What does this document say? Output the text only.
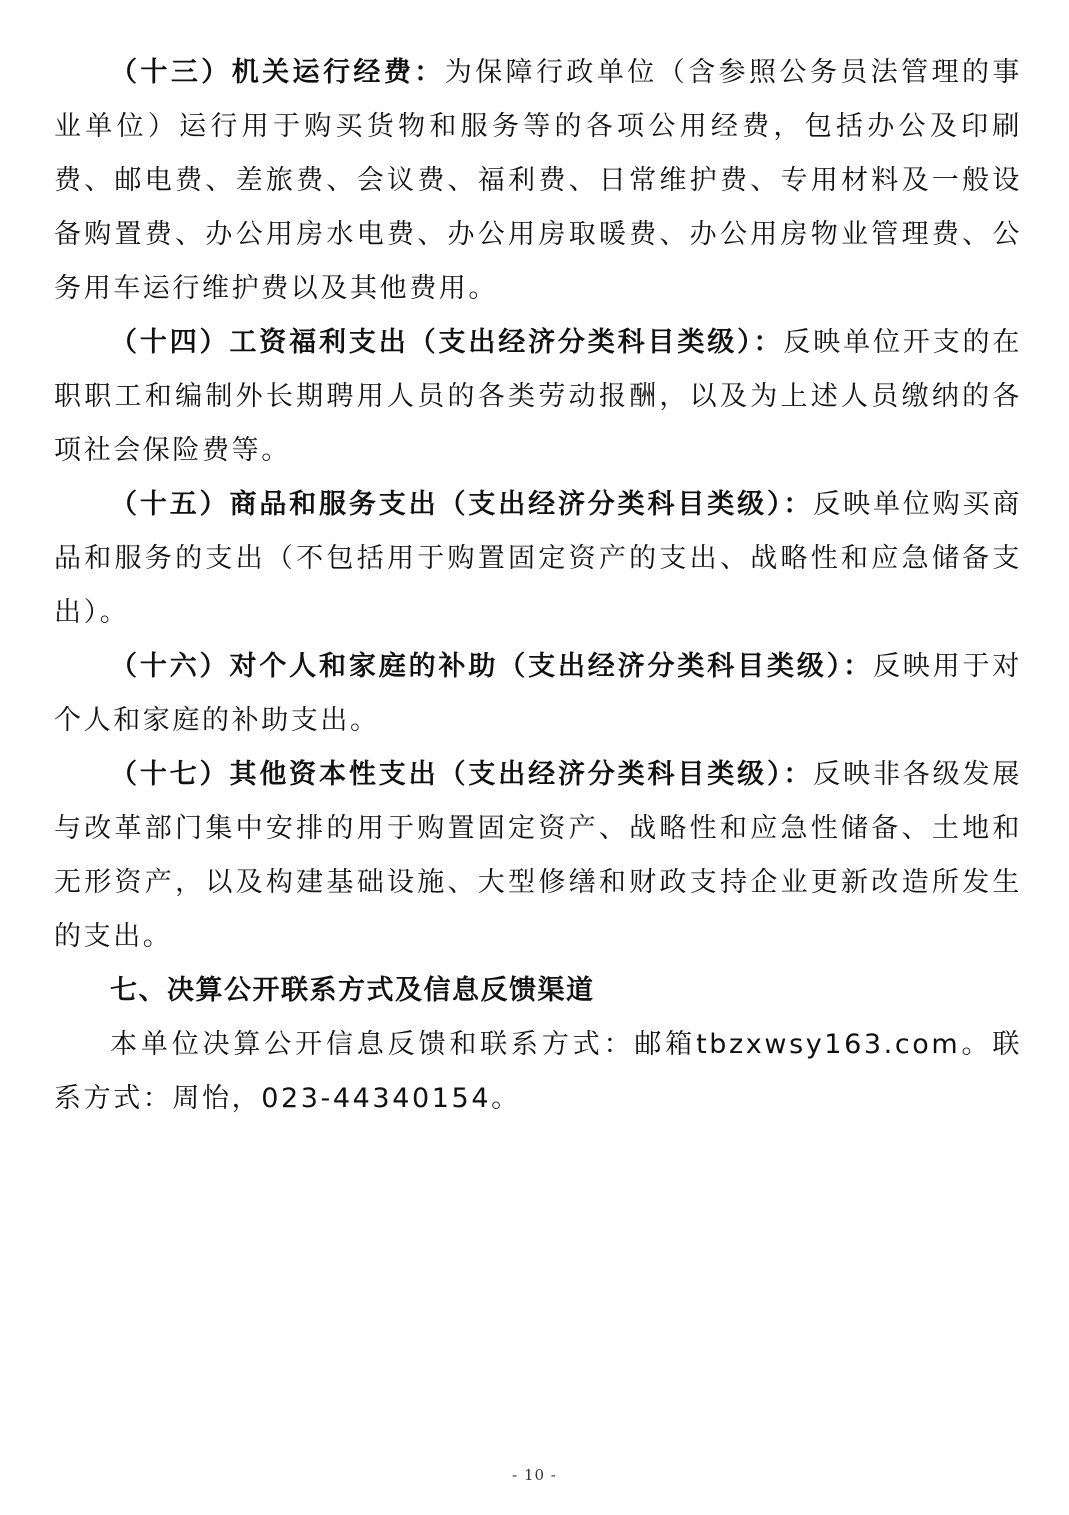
（十三）机关运行经费：为保障行政单位（含参照公务员法管理的事业单位）运行用于购买货物和服务等的各项公用经费，包括办公及印刷费、邮电费、差旅费、会议费、福利费、日常维护费、专用材料及一般设备购置费、办公用房水电费、办公用房取暖费、办公用房物业管理费、公务用车运行维护费以及其他费用。

（十四）工资福利支出（支出经济分类科目类级）：反映单位开支的在职职工和编制外长期聘用人员的各类劳动报酬，以及为上述人员缴纳的各项社会保险费等。

（十五）商品和服务支出（支出经济分类科目类级）：反映单位购买商品和服务的支出（不包括用于购置固定资产的支出、战略性和应急储备支出）。

（十六）对个人和家庭的补助（支出经济分类科目类级）：反映用于对个人和家庭的补助支出。

（十七）其他资本性支出（支出经济分类科目类级）：反映非各级发展与改革部门集中安排的用于购置固定资产、战略性和应急性储备、土地和无形资产，以及构建基础设施、大型修缮和财政支持企业更新改造所发生的支出。

七、决算公开联系方式及信息反馈渠道

本单位决算公开信息反馈和联系方式：邮箱tbzxwsy163.com。联系方式：周怡，023-44340154。

- 10 -
